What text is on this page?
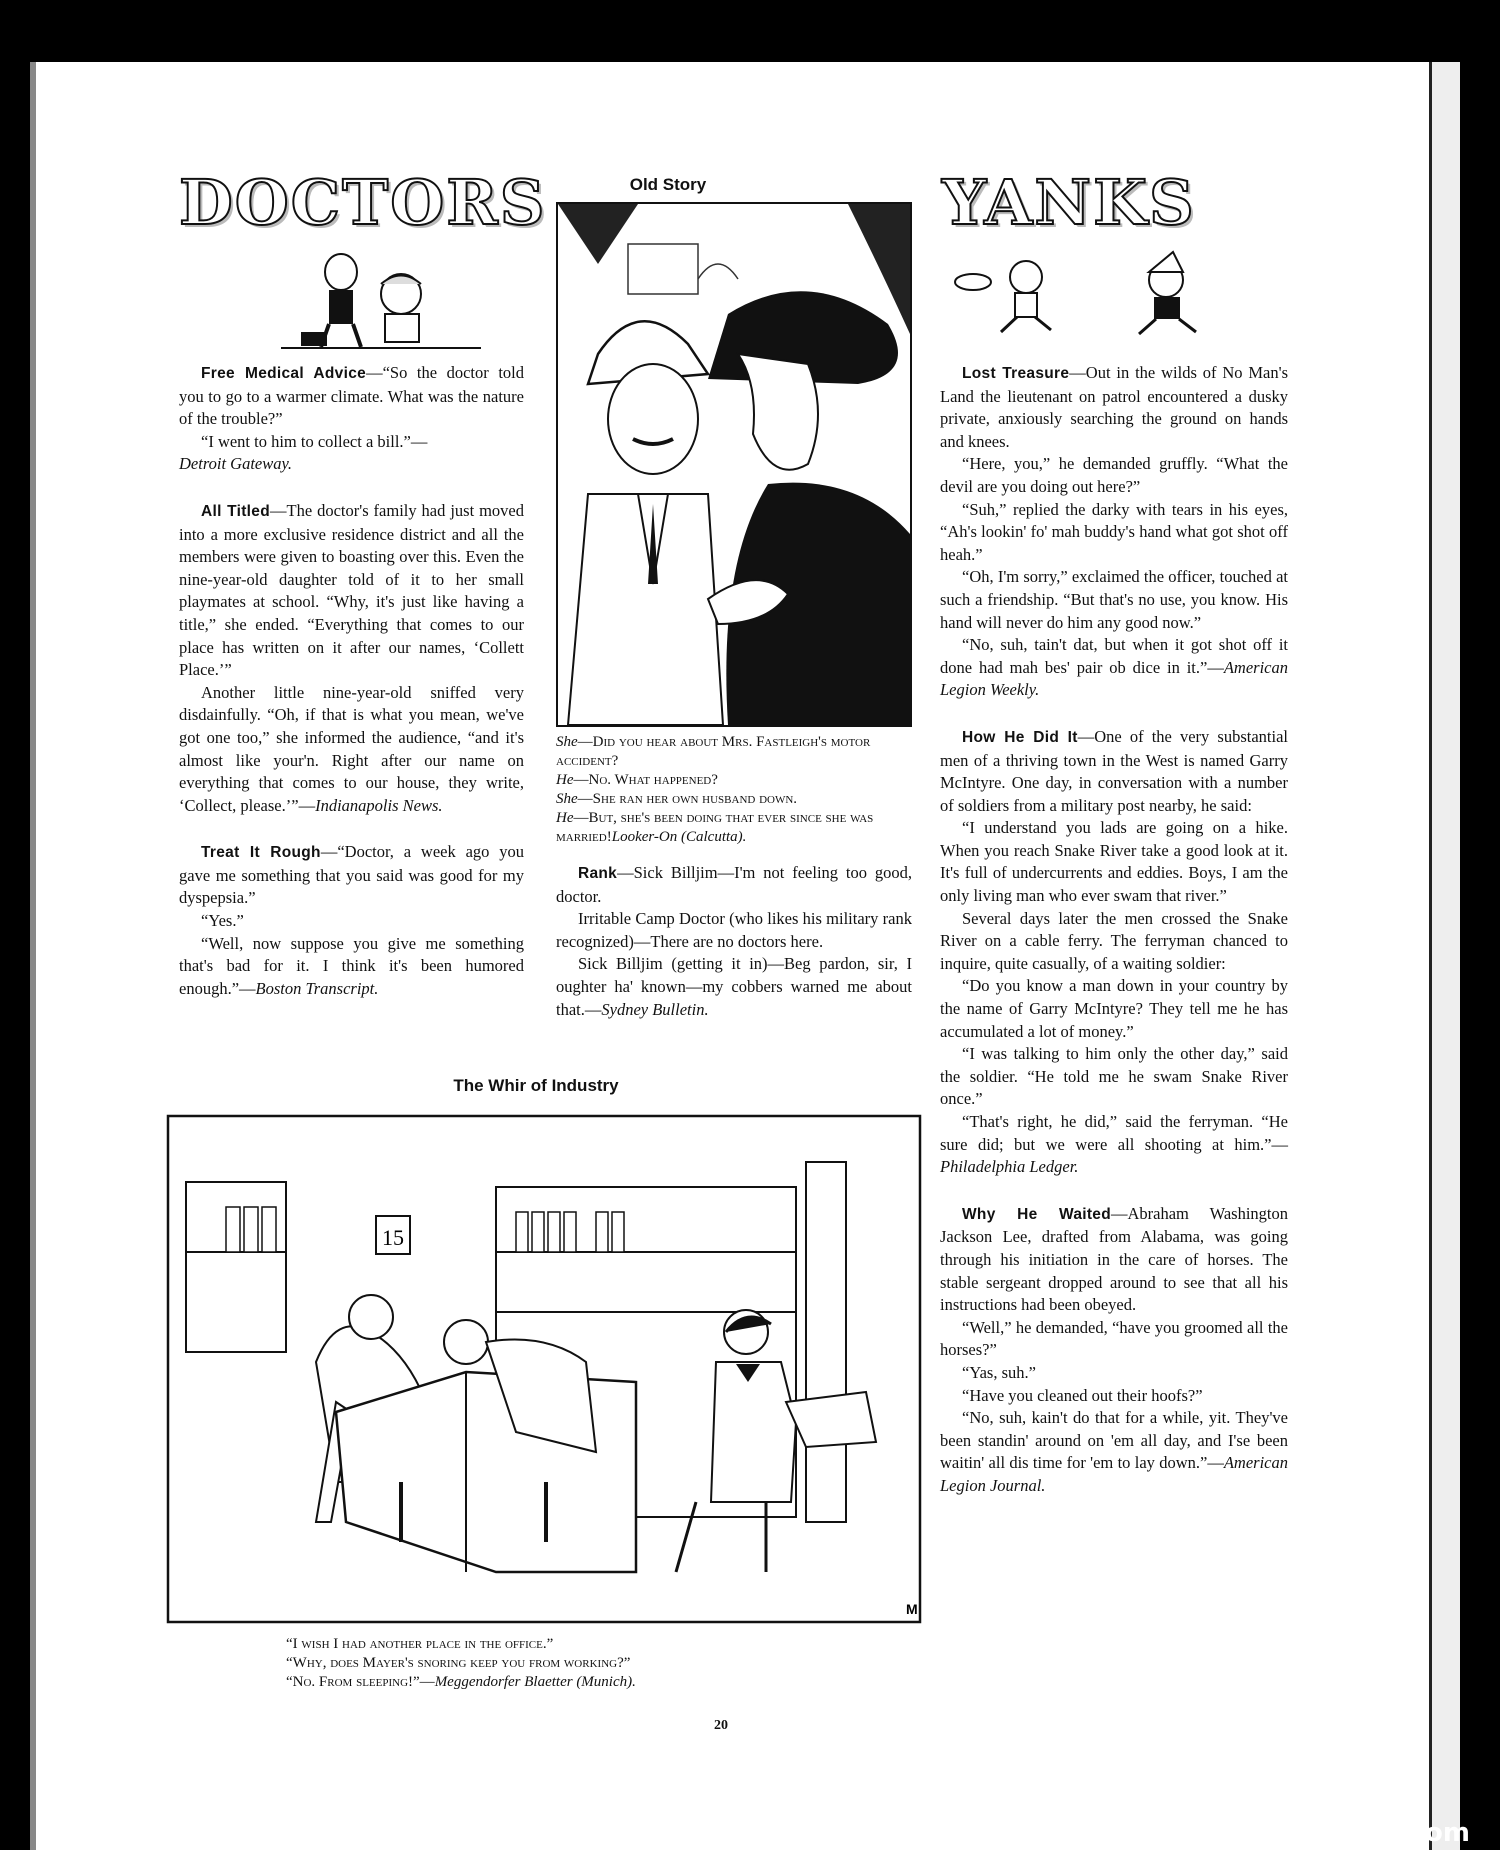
DOCTORS	YANKS
Old Story

She—Did you hear about Mrs. Fastleigh's motor accident?

He—No. What happened?

She—She ran her own husband down.

He—But, she's been doing that ever since she was married!Looker-On (Calcutta).

Free Medical Advice—“So the doctor told you to go to a warmer climate. What was the nature of the trouble?”

“I went to him to collect a bill.”—
Detroit Gateway.

All Titled—The doctor's family had just moved into a more exclusive residence district and all the members were given to boasting over this. Even the nine-year-old daughter told of it to her small playmates at school. “Why, it's just like having a title,” she ended. “Everything that comes to our place has written on it after our names, ‘Collett Place.’”

Another little nine-year-old sniffed very disdainfully. “Oh, if that is what you mean, we've got one too,” she informed the audience, “and it's almost like your'n. Right after our name on everything that comes to our house, they write, ‘Collect, please.’”—Indianapolis News.

Treat It Rough—“Doctor, a week ago you gave me something that you said was good for my dyspepsia.”

“Yes.”

“Well, now suppose you give me something that's bad for it. I think it's been humored enough.”—Boston Transcript.

Rank—Sick Billjim—I'm not feeling too good, doctor.

Irritable Camp Doctor (who likes his military rank recognized)—There are no doctors here.

Sick Billjim (getting it in)—Beg pardon, sir, I oughter ha' known—my cobbers warned me about that.—Sydney Bulletin.

Lost Treasure—Out in the wilds of No Man's Land the lieutenant on patrol encountered a dusky private, anxiously searching the ground on hands and knees.

“Here, you,” he demanded gruffly. “What the devil are you doing out here?”

“Suh,” replied the darky with tears in his eyes, “Ah's lookin' fo' mah buddy's hand what got shot off heah.”

“Oh, I'm sorry,” exclaimed the officer, touched at such a friendship. “But that's no use, you know. His hand will never do him any good now.”

“No, suh, tain't dat, but when it got shot off it done had mah bes' pair ob dice in it.”—American Legion Weekly.

How He Did It—One of the very substantial men of a thriving town in the West is named Garry McIntyre. One day, in conversation with a number of soldiers from a military post nearby, he said:

“I understand you lads are going on a hike. When you reach Snake River take a good look at it. It's full of undercurrents and eddies. Boys, I am the only living man who ever swam that river.”

Several days later the men crossed the Snake River on a cable ferry. The ferryman chanced to inquire, quite casually, of a waiting soldier:

“Do you know a man down in your country by the name of Garry McIntyre? They tell me he has accumulated a lot of money.”

“I was talking to him only the other day,” said the soldier. “He told me he swam Snake River once.”

“That's right, he did,” said the ferryman. “He sure did; but we were all shooting at him.”—Philadelphia Ledger.

Why He Waited—Abraham Washington Jackson Lee, drafted from Alabama, was going through his initiation in the care of horses. The stable sergeant dropped around to see that all his instructions had been obeyed.

“Well,” he demanded, “have you groomed all the horses?”

“Yas, suh.”

“Have you cleaned out their hoofs?”

“No, suh, kain't do that for a while, yit. They've been standin' around on 'em all day, and I'se been waitin' all dis time for 'em to lay down.”—American Legion Journal.

The Whir of Industry
15
M

“I wish I had another place in the office.”

“Why, does Mayer's snoring keep you from working?”

“No. From sleeping!”—Meggendorfer Blaetter (Munich).

20
comicbooks.com
